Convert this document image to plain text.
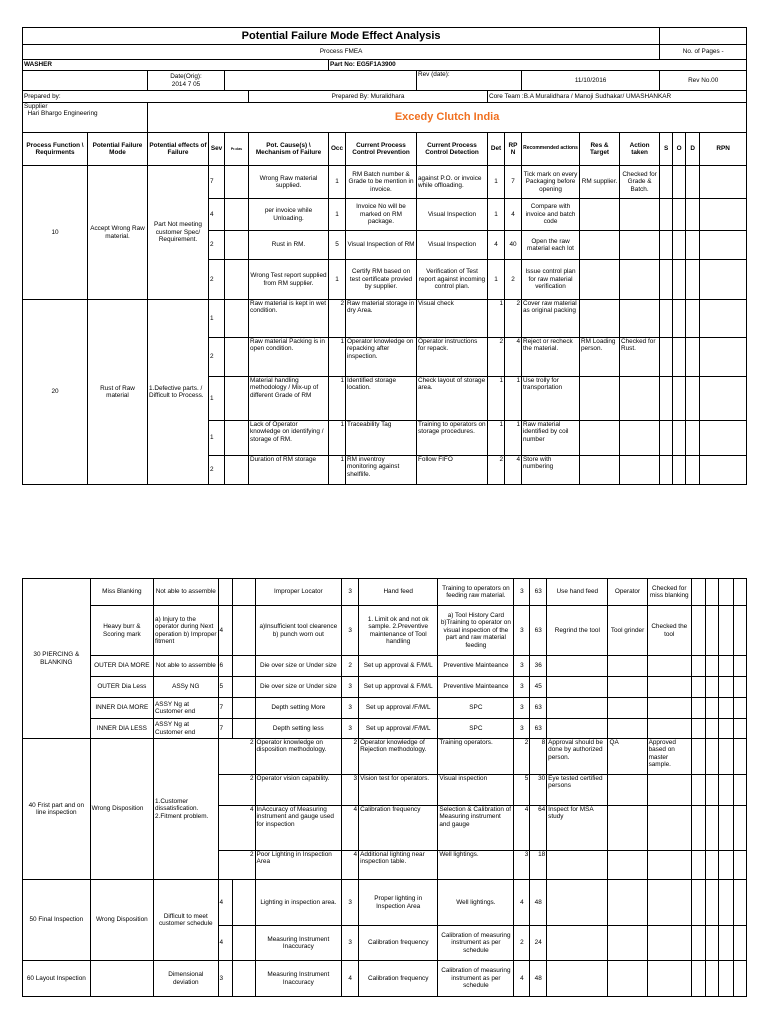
Potential Failure Mode Effect Analysis																	
Process FMEA														No. of Pages -			
WASHER						Part No: EG5F1A3900											
		Date(Orig):
2014 7 05						Rev (date):			11/10/2016			Rev No.00			
Prepared by:					Prepared By: Muralidhara				Core Team :B.A Muralidhara / Manoji Sudhakar/ UMASHANKAR								
Supplier
Hari Bhargo Engineering		Excedy Clutch India															
Process Function \ Requirments	Potential Failure Mode	Potential effects of Failure	Sev	Pr.clas	Pot. Cause(s) \ Mechanism of Failure	Occ	Current Process Control Prevention	Current Process Control Detection	Det	RP N	Recommended actions	Res & Target	Action taken	S	O	D	RPN
10	Accept Wrong Raw material.	Part Not meeting customer Spec/ Requirement.	7		Wrong Raw material supplied.	1	RM Batch number & Grade to be mention in invoice.	against P.O. or invoice while offloading.	1	7	Tick mark on every Packaging before opening	RM supplier.	Checked for Grade & Batch.				
			4		per invoice while Unloading.	1	Invoice No will be marked on RM package.	Visual Inspection	1	4	Compare with invoice and batch code						
			2		Rust in RM.	5	Visual Inspection of RM	Visual Inspection	4	40	Open the raw material each lot						
			2		Wrong Test report supplied from RM supplier.	1	Certify RM based on test certificate provied by supplier.	Verification of Test report against incoming control plan.	1	2	Issue control plan for raw material verification						
20	Rust of Raw material	1.Defective parts. / Difficult to Process.	1		Raw material is kept in wet condition.	2	Raw material storage in dry Area.	Visual check	1	2	Cover raw material as original packing						
			2		Raw material Packing is in open condition.	1	Operator knowledge on repacking after inspection.	Operator instructions for repack.	2	4	Reject or recheck the material.	RM Loading person.	Checked for Rust.				
			1		Material handling methodology / Mix-up of different Grade of RM	1	Identified storage location.	Check layout of storage area.	1	1	Use trolly for transportation						
			1		Lack of Operator knowledge on identifying / storage of RM.	1	Traceability Tag	Training to operators on storage procedures.	1	1	Raw material identified by coil number						
			2		Duration of RM storage	1	RM inventroy monitoring against shelflife.	Follow FIFO	2	4	Store with numbering						
30 PIERCING & BLANKING	Miss Blanking	Not able to assemble			Improper Locator	3	Hand feed	Training to operators on feeding raw material.	3	63	Use hand feed	Operator	Checked for miss blanking				
	Heavy burr & Scoring mark	a) Injury to the operator during Next operation b) Improper fitment	4		a)Insufficient tool clearence b) punch worn out	3	1. Limit ok and not ok sample. 2.Preventive maintenance of Tool handling	a) Tool History Card b)Training to operator on visual inspection of the part and raw material feeding	3	63	Regrind the tool	Tool grinder	Checked the tool				
	OUTER DIA MORE	Not able to assemble	6		Die over size or Under size	2	Set up approval & F/M/L	Preventive Mainteance	3	36							
	OUTER Dia Less	ASSy NG	5		Die over size or Under size	3	Set up approval & F/M/L	Preventive Mainteance	3	45							
	INNER DIA MORE	ASSY Ng at Customer end	7		Depth setting More	3	Set up approval /F/M/L	SPC	3	63							
	INNER DIA LESS	ASSY Ng at Customer end	7		Depth setting less	3	Set up approval /F/M/L	SPC	3	63							
40 Frist part and on line inspection	Wrong Disposition	1.Customer dissatisfication. 2.Fitment problem.	2		Operator knowledge on disposition methodology.	2	Operator knowledge of Rejection methodology.	Training operators.	2	8	Approval should be done by authorized person.	QA	Approved based on master sample.				
			2		Operator vision capability.	3	Vision test for operators.	Visual inspection	5	30	Eye tested certified persons						
			4		InAccuracy of Measuring instrument and gauge used for inspection	4	Calibration frequency	Selection & Calibration of Measuring instrument and gauge	4	64	Inspect for MSA study						
			2		Poor Lighting in Inspection Area	4	Additional lighting near inspection table.	Well lightings.	3	18							
50 Final Inspection	Wrong Disposition	Difficult to meet customer schedule	4		Lighting in inspection area.	3	Proper lighting in Inspection Area	Well lightings.	4	48							
			4		Measuring Instrument Inaccuracy	3	Calibration frequency	Calibration of measuring instrument as per schedule	2	24							
60 Layout Inspection		Dimensional deviation	3		Measuring Instrument Inaccuracy	4	Calibration frequency	Calibration of measuring instrument as per schedule	4	48							
